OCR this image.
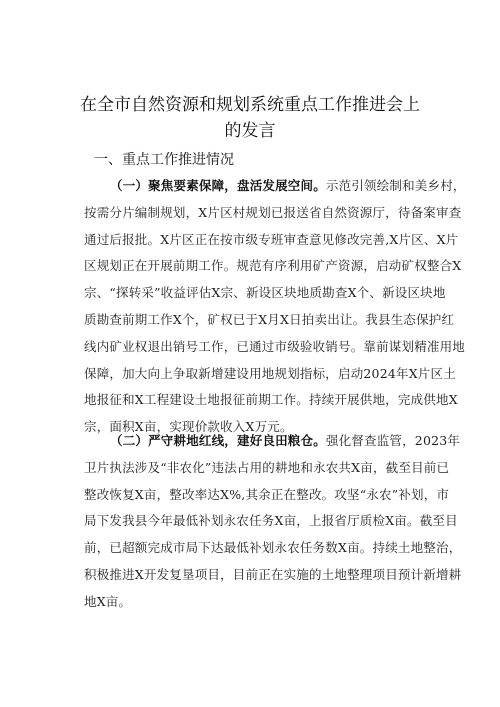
在全市自然资源和规划系统重点工作推进会上
的发言
一、重点工作推进情况
（一）聚焦要素保障，盘活发展空间。示范引领绘制和美乡村，
按需分片编制规划，X片区村规划已报送省自然资源厅，待备案审查
通过后报批。X片区正在按市级专班审查意见修改完善,X片区、X片
区规划正在开展前期工作。规范有序利用矿产资源，启动矿权整合X
宗、“探转采”收益评估X宗、新设区块地质勘查X个、新设区块地
质勘查前期工作X个，矿权已于X月X日拍卖出让。我县生态保护红
线内矿业权退出销号工作，已通过市级验收销号。靠前谋划精准用地
保障，加大向上争取新增建设用地规划指标，启动2024年X片区土
地报征和X工程建设土地报征前期工作。持续开展供地，完成供地X
宗，面积X亩，实现价款收入X万元。
（二）严守耕地红线，建好良田粮仓。强化督查监管，2023年
卫片执法涉及“非农化”违法占用的耕地和永农共X亩，截至目前已
整改恢复X亩，整改率达X%,其余正在整改。攻坚“永农”补划，市
局下发我县今年最低补划永农任务X亩，上报省厅质检X亩。截至目
前，已超额完成市局下达最低补划永农任务数X亩。持续土地整治，
积极推进X开发复垦项目，目前正在实施的土地整理项目预计新增耕
地X亩。
